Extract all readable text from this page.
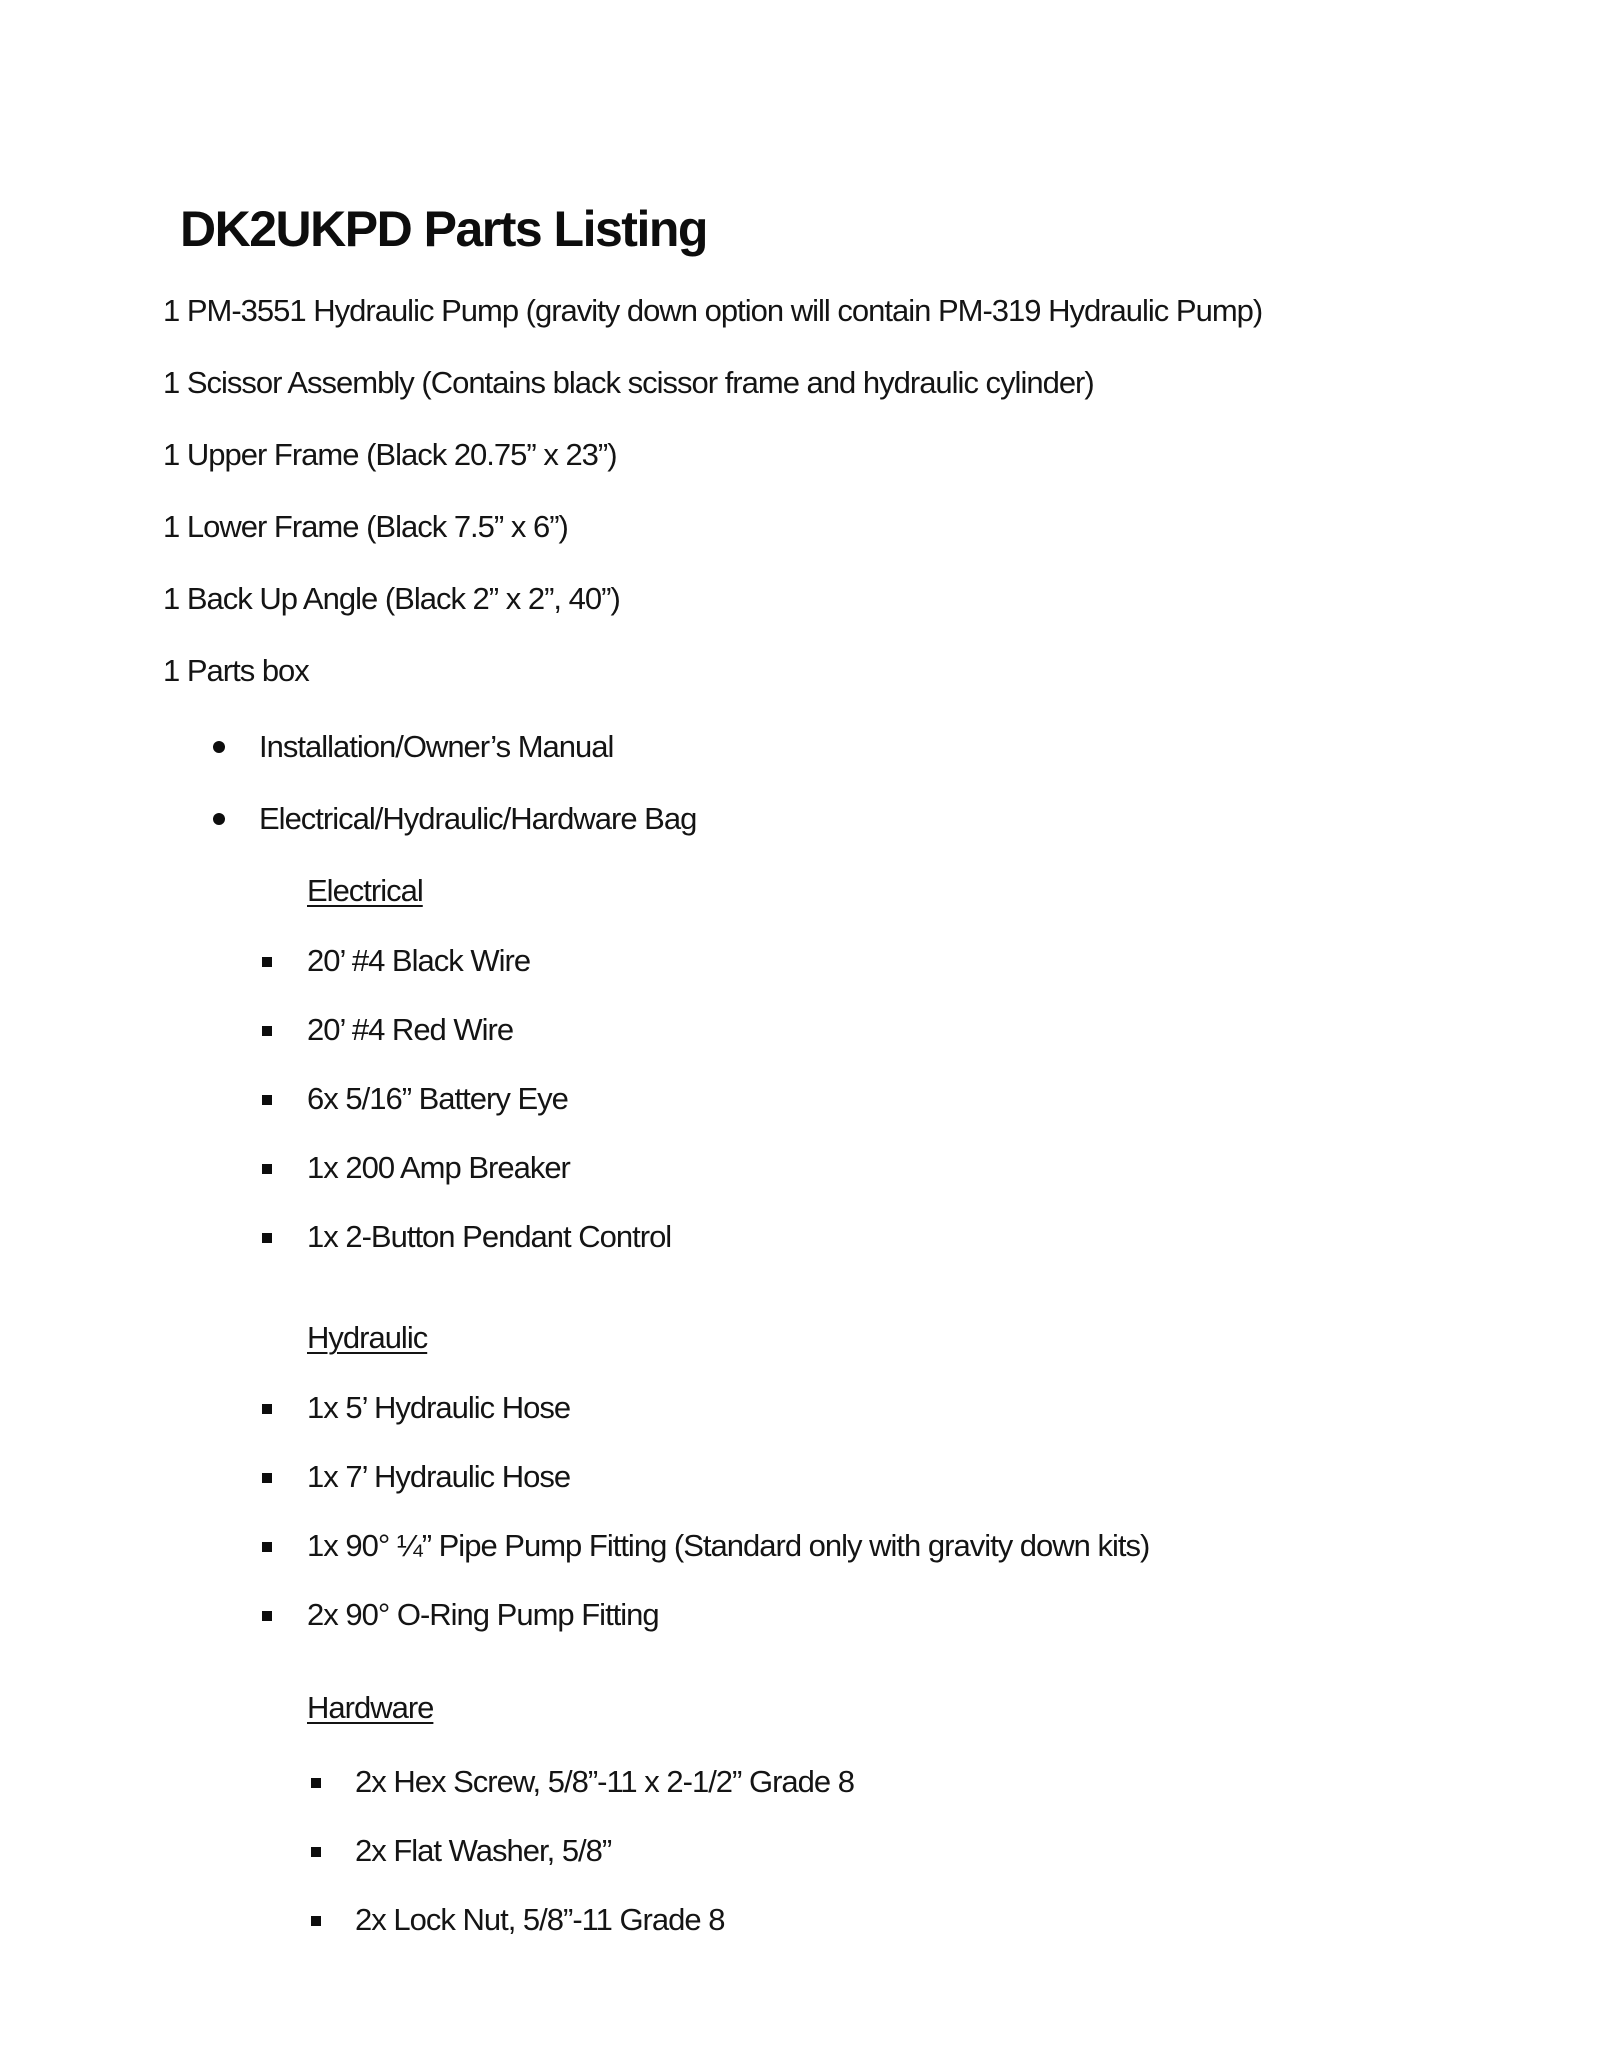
DK2UKPD Parts Listing

1 PM-3551 Hydraulic Pump (gravity down option will contain PM-319 Hydraulic Pump)

1 Scissor Assembly (Contains black scissor frame and hydraulic cylinder)

1 Upper Frame (Black 20.75” x 23”)

1 Lower Frame (Black 7.5” x 6”)

1 Back Up Angle (Black 2” x 2”, 40”)

1 Parts box

Installation/Owner’s Manual
Electrical/Hydraulic/Hardware Bag
Electrical
20’ #4 Black Wire
20’ #4 Red Wire
6x 5/16” Battery Eye
1x 200 Amp Breaker
1x 2-Button Pendant Control
Hydraulic
1x 5’ Hydraulic Hose
1x 7’ Hydraulic Hose
1x 90° ¼” Pipe Pump Fitting (Standard only with gravity down kits)
2x 90° O-Ring Pump Fitting
Hardware
2x Hex Screw, 5/8”-11 x 2-1/2” Grade 8
2x Flat Washer, 5/8”
2x Lock Nut, 5/8”-11 Grade 8
